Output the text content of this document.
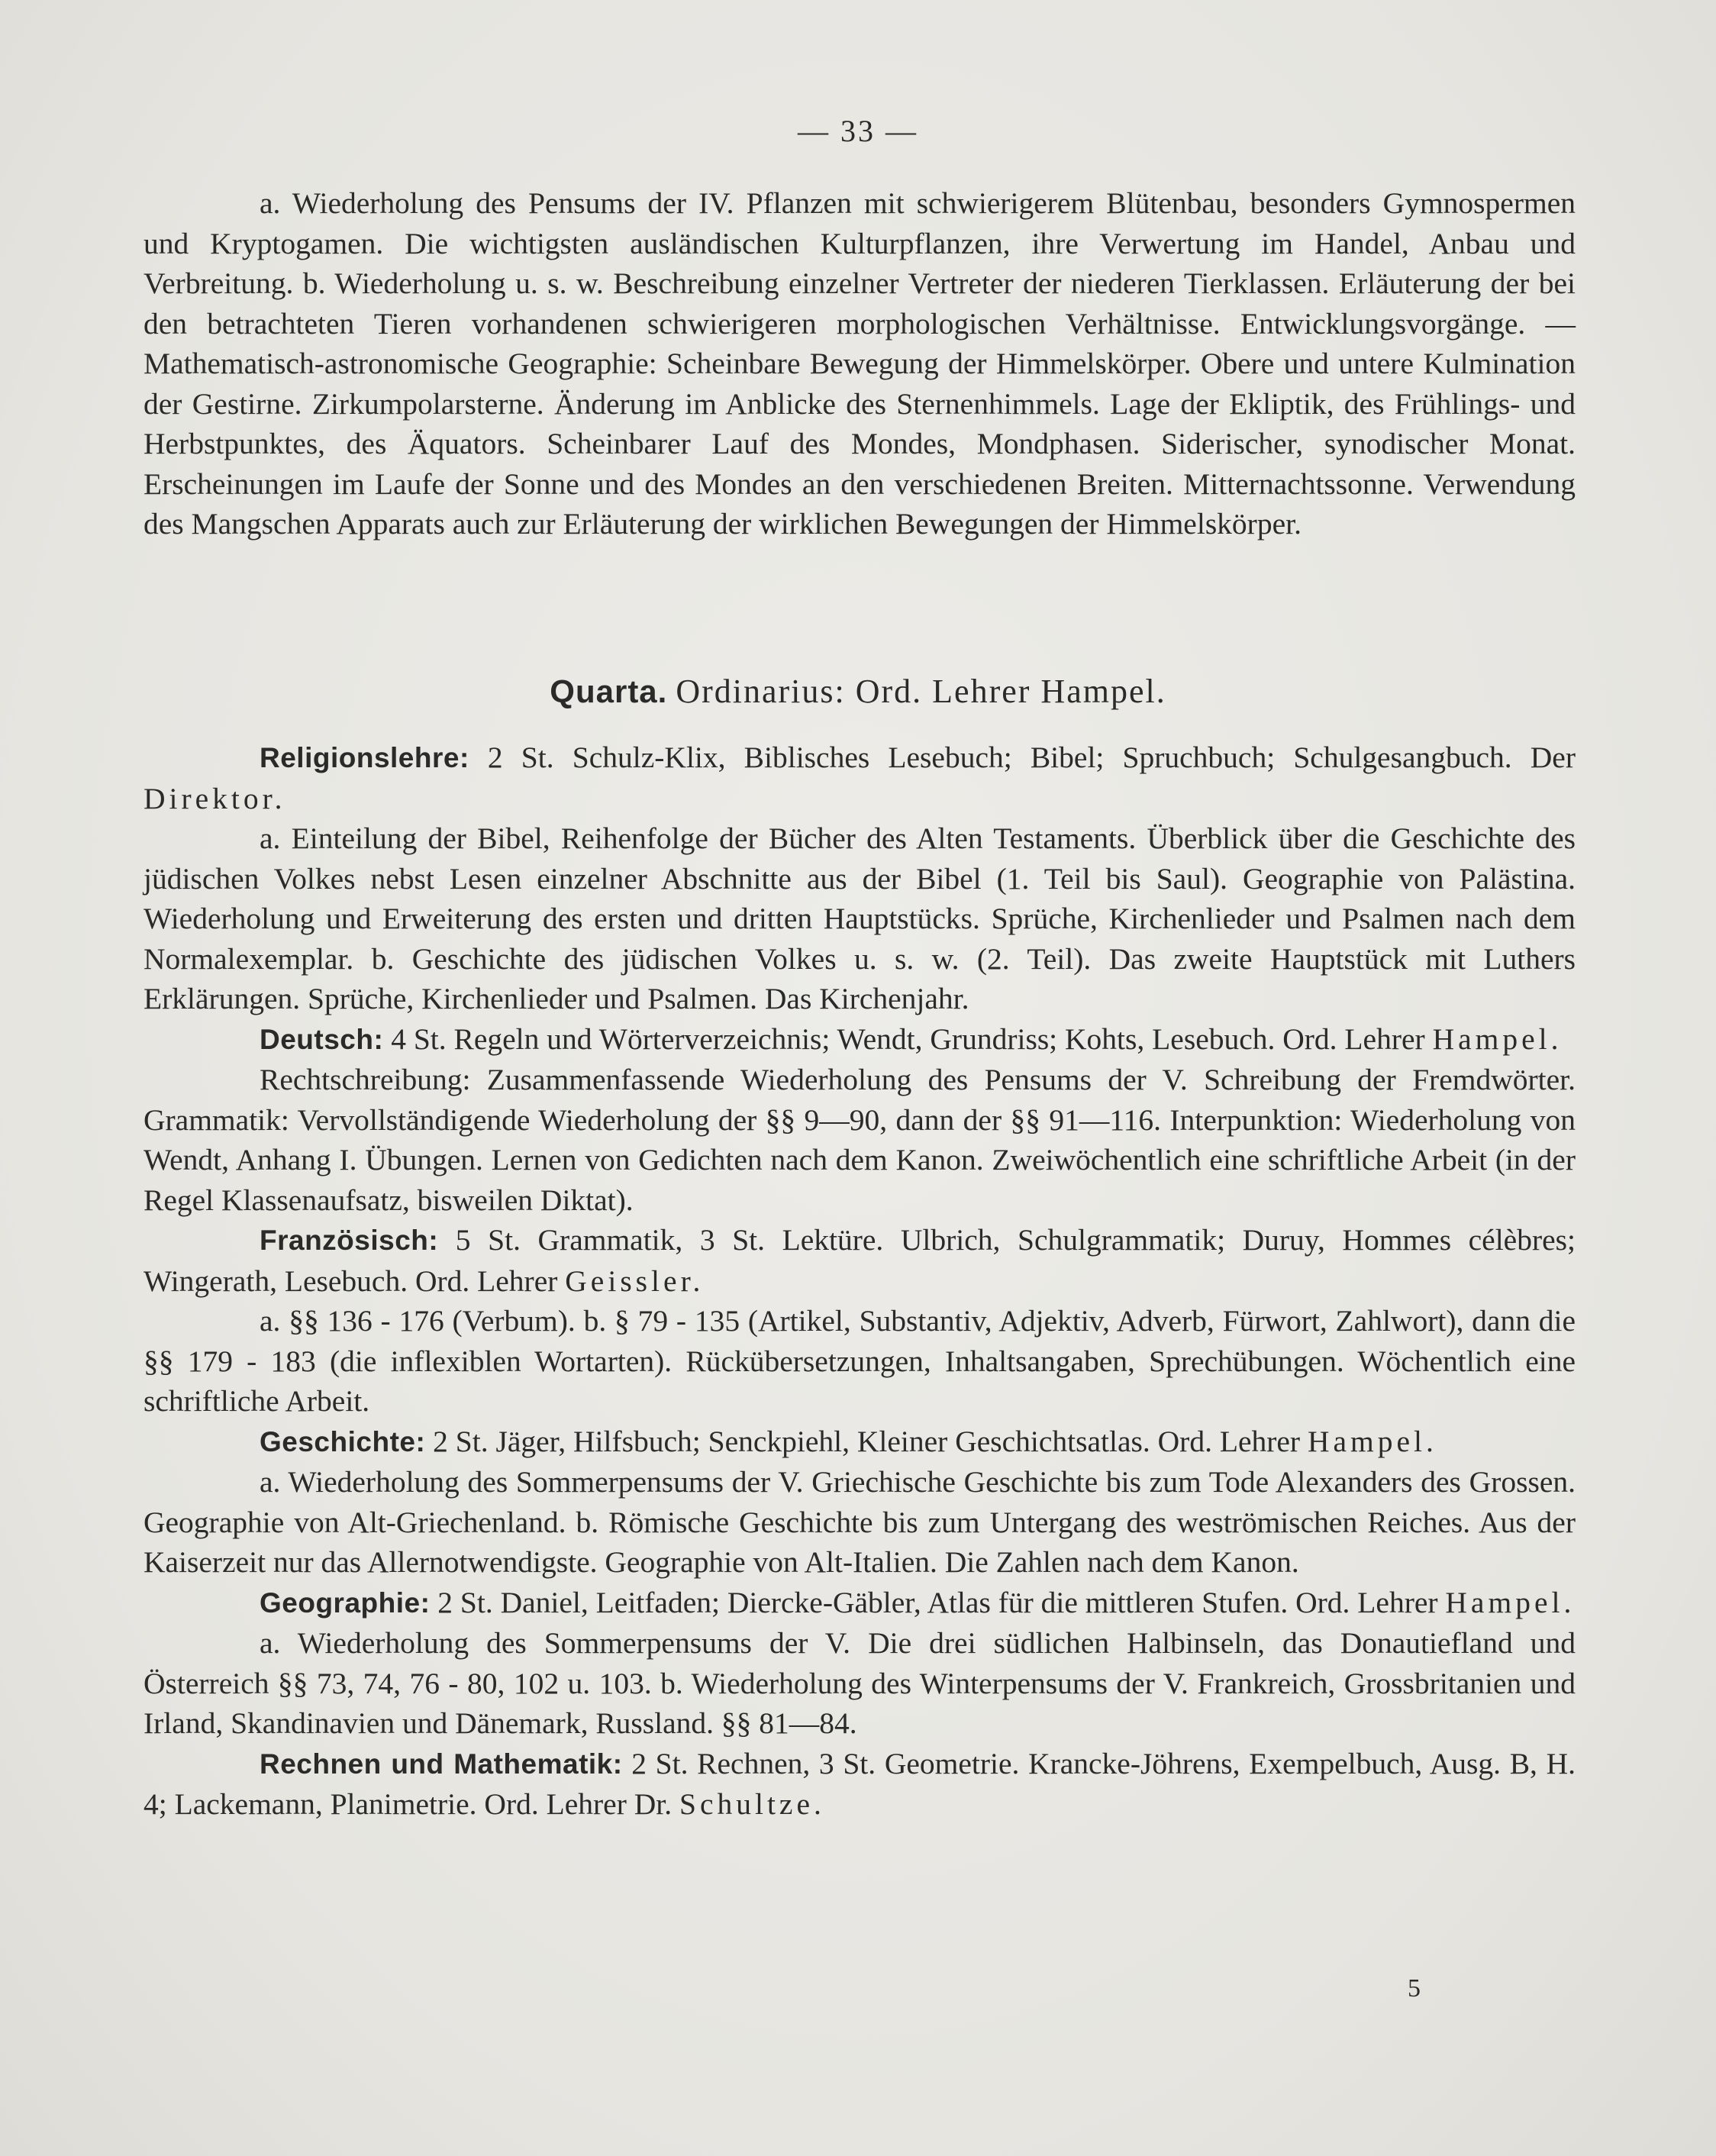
— 33 —

a. Wiederholung des Pensums der IV. Pflanzen mit schwierigerem Blütenbau, besonders Gymnospermen und Kryptogamen. Die wichtigsten ausländischen Kulturpflanzen, ihre Verwertung im Handel, Anbau und Verbreitung. b. Wiederholung u. s. w. Beschreibung einzelner Vertreter der niederen Tierklassen. Erläuterung der bei den betrachteten Tieren vorhandenen schwierigeren morphologischen Verhältnisse. Entwicklungsvorgänge. — Mathematisch-astronomische Geographie: Scheinbare Bewegung der Himmelskörper. Obere und untere Kulmination der Gestirne. Zirkumpolarsterne. Änderung im Anblicke des Sternenhimmels. Lage der Ekliptik, des Frühlings- und Herbstpunktes, des Äquators. Scheinbarer Lauf des Mondes, Mondphasen. Siderischer, synodischer Monat. Erscheinungen im Laufe der Sonne und des Mondes an den verschiedenen Breiten. Mitternachtssonne. Verwendung des Mangschen Apparats auch zur Erläuterung der wirklichen Bewegungen der Himmelskörper.

Quarta. Ordinarius: Ord. Lehrer Hampel.

Religionslehre: 2 St. Schulz-Klix, Biblisches Lesebuch; Bibel; Spruchbuch; Schulgesangbuch. Der Direktor.

a. Einteilung der Bibel, Reihenfolge der Bücher des Alten Testaments. Überblick über die Geschichte des jüdischen Volkes nebst Lesen einzelner Abschnitte aus der Bibel (1. Teil bis Saul). Geographie von Palästina. Wiederholung und Erweiterung des ersten und dritten Hauptstücks. Sprüche, Kirchenlieder und Psalmen nach dem Normalexemplar. b. Geschichte des jüdischen Volkes u. s. w. (2. Teil). Das zweite Hauptstück mit Luthers Erklärungen. Sprüche, Kirchenlieder und Psalmen. Das Kirchenjahr.

Deutsch: 4 St. Regeln und Wörterverzeichnis; Wendt, Grundriss; Kohts, Lesebuch. Ord. Lehrer Hampel.

Rechtschreibung: Zusammenfassende Wiederholung des Pensums der V. Schreibung der Fremdwörter. Grammatik: Vervollständigende Wiederholung der §§ 9—90, dann der §§ 91—116. Interpunktion: Wiederholung von Wendt, Anhang I. Übungen. Lernen von Gedichten nach dem Kanon. Zweiwöchentlich eine schriftliche Arbeit (in der Regel Klassenaufsatz, bisweilen Diktat).

Französisch: 5 St. Grammatik, 3 St. Lektüre. Ulbrich, Schulgrammatik; Duruy, Hommes célèbres; Wingerath, Lesebuch. Ord. Lehrer Geissler.

a. §§ 136 - 176 (Verbum). b. § 79 - 135 (Artikel, Substantiv, Adjektiv, Adverb, Fürwort, Zahlwort), dann die §§ 179 - 183 (die inflexiblen Wortarten). Rückübersetzungen, Inhaltsangaben, Sprechübungen. Wöchentlich eine schriftliche Arbeit.

Geschichte: 2 St. Jäger, Hilfsbuch; Senckpiehl, Kleiner Geschichtsatlas. Ord. Lehrer Hampel.

a. Wiederholung des Sommerpensums der V. Griechische Geschichte bis zum Tode Alexanders des Grossen. Geographie von Alt-Griechenland. b. Römische Geschichte bis zum Untergang des weströmischen Reiches. Aus der Kaiserzeit nur das Allernotwendigste. Geographie von Alt-Italien. Die Zahlen nach dem Kanon.

Geographie: 2 St. Daniel, Leitfaden; Diercke-Gäbler, Atlas für die mittleren Stufen. Ord. Lehrer Hampel.

a. Wiederholung des Sommerpensums der V. Die drei südlichen Halbinseln, das Donautiefland und Österreich §§ 73, 74, 76 - 80, 102 u. 103. b. Wiederholung des Winterpensums der V. Frankreich, Grossbritanien und Irland, Skandinavien und Dänemark, Russland. §§ 81—84.

Rechnen und Mathematik: 2 St. Rechnen, 3 St. Geometrie. Krancke-Jöhrens, Exempelbuch, Ausg. B, H. 4; Lackemann, Planimetrie. Ord. Lehrer Dr. Schultze.

5
